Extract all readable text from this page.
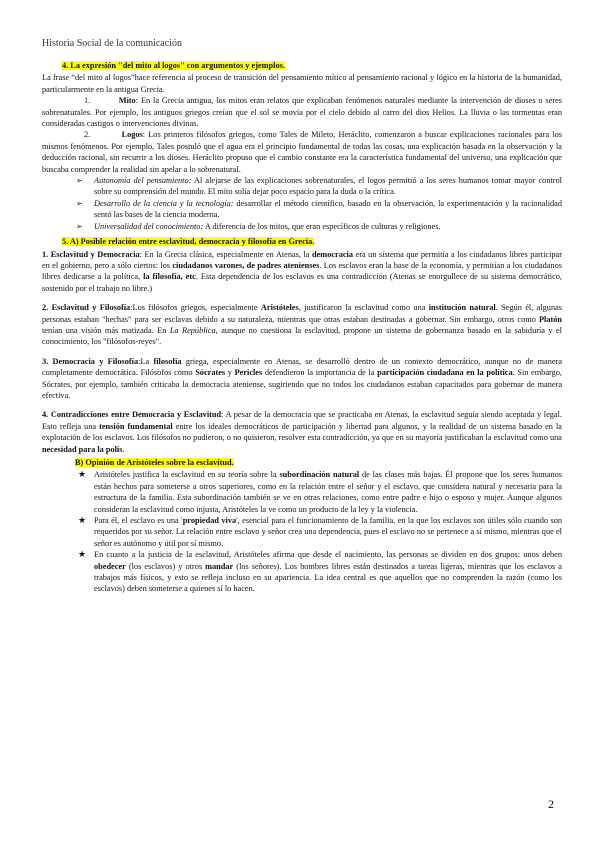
Historia Social de la comunicación
4. La expresión "del mito al logos" con argumentos y ejemplos.

La frase “del mito al logos”hace referencia al proceso de transición del pensamiento mítico al pensamiento racional y lógico en la historia de la humanidad, particularmente en la antigua Grecia.

1.	Mito: En la Grecia antigua, los mitos eran relatos que explicaban fenómenos naturales mediante la intervención de dioses o seres sobrenaturales. Por ejemplo, los antiguos griegos creían que el sol se movía por el cielo debido al carro del dios Helios. La lluvia o las tormentas eran consideradas castigos o intervenciones divinas.

2.	Logos: Los primeros filósofos griegos, como Tales de Mileto, Heráclito, comenzaron a buscar explicaciones racionales para los mismos fenómenos. Por ejemplo, Tales postuló que el agua era el principio fundamental de todas las cosas, una explicación basada en la observación y la deducción racional, sin recurrir a los dioses. Heráclito propuso que el cambio constante era la característica fundamental del universo, una explicación que buscaba comprender la realidad sin apelar a lo sobrenatural.

➢ Autonomía del pensamiento: Al alejarse de las explicaciones sobrenaturales, el logos permitió a los seres humanos tomar mayor control sobre su comprensión del mundo. El mito solía dejar poco espacio para la duda o la crítica.
➢ Desarrollo de la ciencia y la tecnología: desarrollar el método científico, basado en la observación, la experimentación y la racionalidad sentó las bases de la ciencia moderna.
➢ Universalidad del conocimiento: A diferencia de los mitos, que eran específicos de culturas y religiones.
5. A) Posible relación entre esclavitud, democracia y filosofía en Grecia.

1. Esclavitud y Democracia: En la Grecia clásica, especialmente en Atenas, la democracia era un sistema que permitía a los ciudadanos libres participar en el gobierno, pero a sólo ciertos: los ciudadanos varones, de padres atenienses. Los esclavos eran la base de la economía, y permitían a los ciudadanos libres dedicarse a la política, la filosofía, etc. Esta dependencia de los esclavos es una contradicción (Atenas se enorgullece de su sistema democrático, sostenido por el trabajo no libre.)

2. Esclavitud y Filosofía:Los filósofos griegos, especialmente Aristóteles, justificaron la esclavitud como una institución natural. Según él, algunas personas estaban "hechas" para ser esclavas debido a su naturaleza, mientras que otras estaban destinadas a gobernar. Sin embargo, otros como Platón tenían una visión más matizada. En La República, aunque no cuestiona la esclavitud, propone un sistema de gobernanza basado en la sabiduría y el conocimiento, los "filósofos-reyes".

3. Democracia y Filosofía:La filosofía griega, especialmente en Atenas, se desarrolló dentro de un contexto democrático, aunque no de manera completamente democrática. Filósofos como Sócrates y Pericles defendieron la importancia de la participación ciudadana en la política. Sin embargo, Sócrates, por ejemplo, también criticaba la democracia ateniense, sugiriendo que no todos los ciudadanos estaban capacitados para gobernar de manera efectiva.

4. Contradicciones entre Democracia y Esclavitud: A pesar de la democracia que se practicaba en Atenas, la esclavitud seguía siendo aceptada y legal. Esto refleja una tensión fundamental entre los ideales democráticos de participación y libertad para algunos, y la realidad de un sistema basado en la explotación de los esclavos. Los filósofos no pudieron, o no quisieron, resolver esta contradicción, ya que en su mayoría justificaban la esclavitud como una necesidad para la polis.

B) Opinión de Aristóteles sobre la esclavitud.
★ Aristóteles justifica la esclavitud en su teoría sobre la subordinación natural de las clases más bajas. Él propone que los seres humanos están hechos para someterse a otros superiores, como en la relación entre el señor y el esclavo, que considera natural y necesaria para la estructura de la familia. Esta subordinación también se ve en otras relaciones, como entre padre e hijo o esposo y mujer. Aunque algunos consideran la esclavitud como injusta, Aristóteles la ve como un producto de la ley y la violencia.
★ Para él, el esclavo es una 'propiedad viva', esencial para el funcionamiento de la familia, en la que los esclavos son útiles sólo cuando son requeridos por su señor. La relación entre esclavo y señor crea una dependencia, pues el esclavo no se pertenece a sí mismo, mientras que el señor es autónomo y útil por sí mismo.
★ En cuanto a la justicia de la esclavitud, Aristóteles afirma que desde el nacimiento, las personas se dividen en dos grupos: unos deben obedecer (los esclavos) y otros mandar (los señores). Los hombres libres están destinados a tareas ligeras, mientras que los esclavos a trabajos más físicos, y esto se refleja incluso en su apariencia. La idea central es que aquellos que no comprenden la razón (como los esclavos) deben someterse a quienes sí lo hacen.
2
